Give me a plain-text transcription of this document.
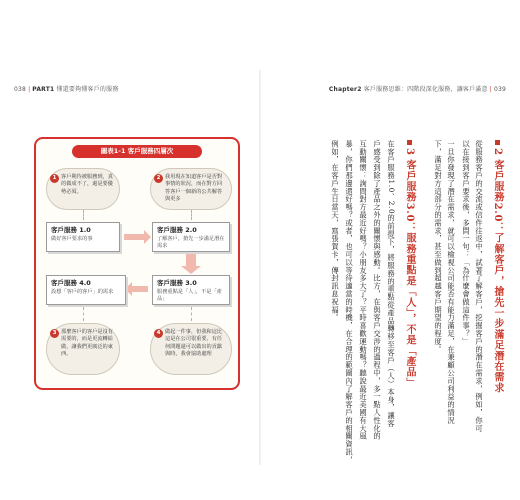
038 | PART1 懂還要夠懂客戶的服務	Chapter2 客戶服務思維：四階段深化服務，讓客戶滿意 | 039
圖表1-1 客戶服務四層次
1 客戶期待被服務到，真的做成不了，還是要優勢必須。
2 我用現在知道客戶是否對事情的狀況，而在對方回答客戶一個新的公共解答與更多
客戶服務 1.0
做好客戶要求的事
客戶服務 2.0
了解客戶，搶先一步滿足潛在需求
客戶服務 3.0
服務重點是「人」，不是「產品」
客戶服務 4.0
設想「客戶的客戶」的需求
3 那麼客戶的客戶是沒有需要的，而是更流轉給做，讓我們更廣泛的東西。
4 做起一件事，但我和這比這是在公司很重要，有任何問題還可以做出的貢獻與時，我會協助處理	2 客戶服務2.0：了解客戶，搶先一步滿足潛在需求
從服務客戶的交流或信件往返中，試著了解客戶，挖掘客戶的潛在需求，例如，你可
以在接到客戶要求後，多問一句：「為什麼會做這件事？」
一旦你發現了潛在需求，就可以檢視公司能否有能力滿足，在兼顧公司利益的情況
下，滿足對方這部分的需求，甚至做到超越客戶期望的程度。
3 客戶服務3.0：服務重點是「人」，不是「產品」
在客戶服務1.0、2.0的前提下，將服務的重點從產品轉移至客戶（人）本身，讓客
戶感受到除了產品之外的關懷與感動。比方，在與客戶交涉的過程中，多一點人性化的
互動關懷：詢問對方最近好嗎？小朋友多大了？平時喜歡運動嗎？聽說最近美國有大風
暴，你們那邊還好嗎？或者，也可以等待適當的時機，在合理的範圍內了解客戶的相關資訊，
例如，在客戶生日當天，寫張賀卡，傳封訊息祝福。
